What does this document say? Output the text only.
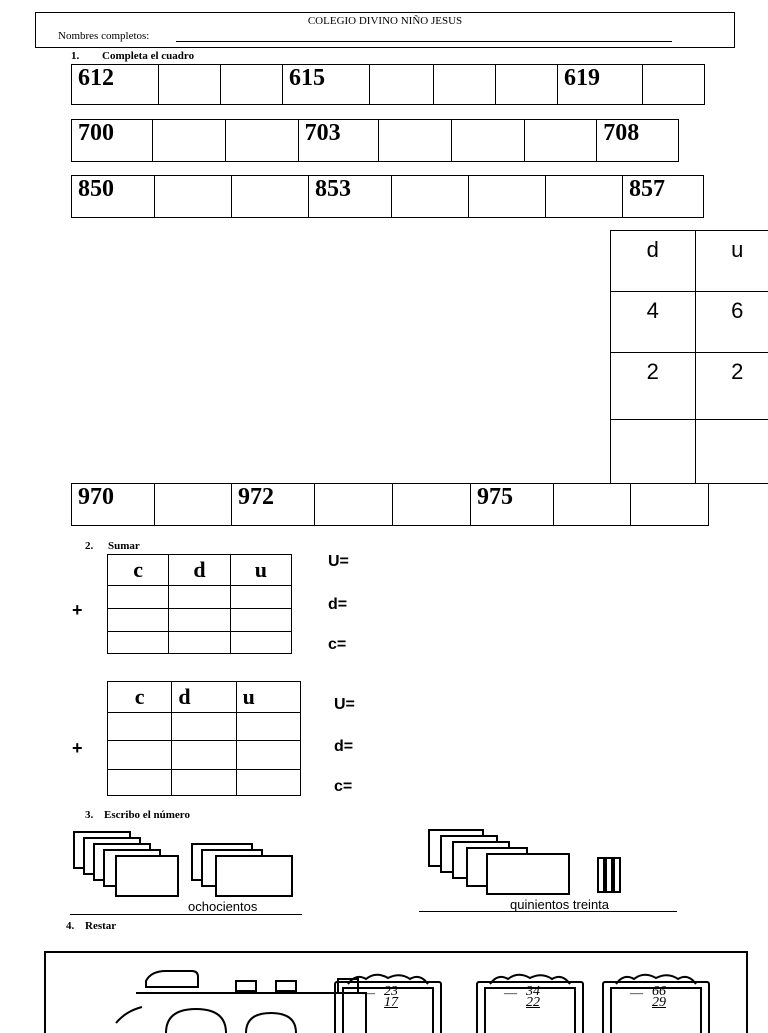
COLEGIO DIVINO NIÑO JESUS
Nombres completos:
1. Completa el cuadro
612			615				619	
700			703				708
850			853				857
d	u
4	6
2	2

970		972			975		
2. Sumar
+
c	d	u

			U=
d=
c=
+
c	d	u

			U=
d=
c=
3. Escribo el número
ochocientos	quinientos treinta
4. Restar
23
—
17
34
—
22
66
—
29
